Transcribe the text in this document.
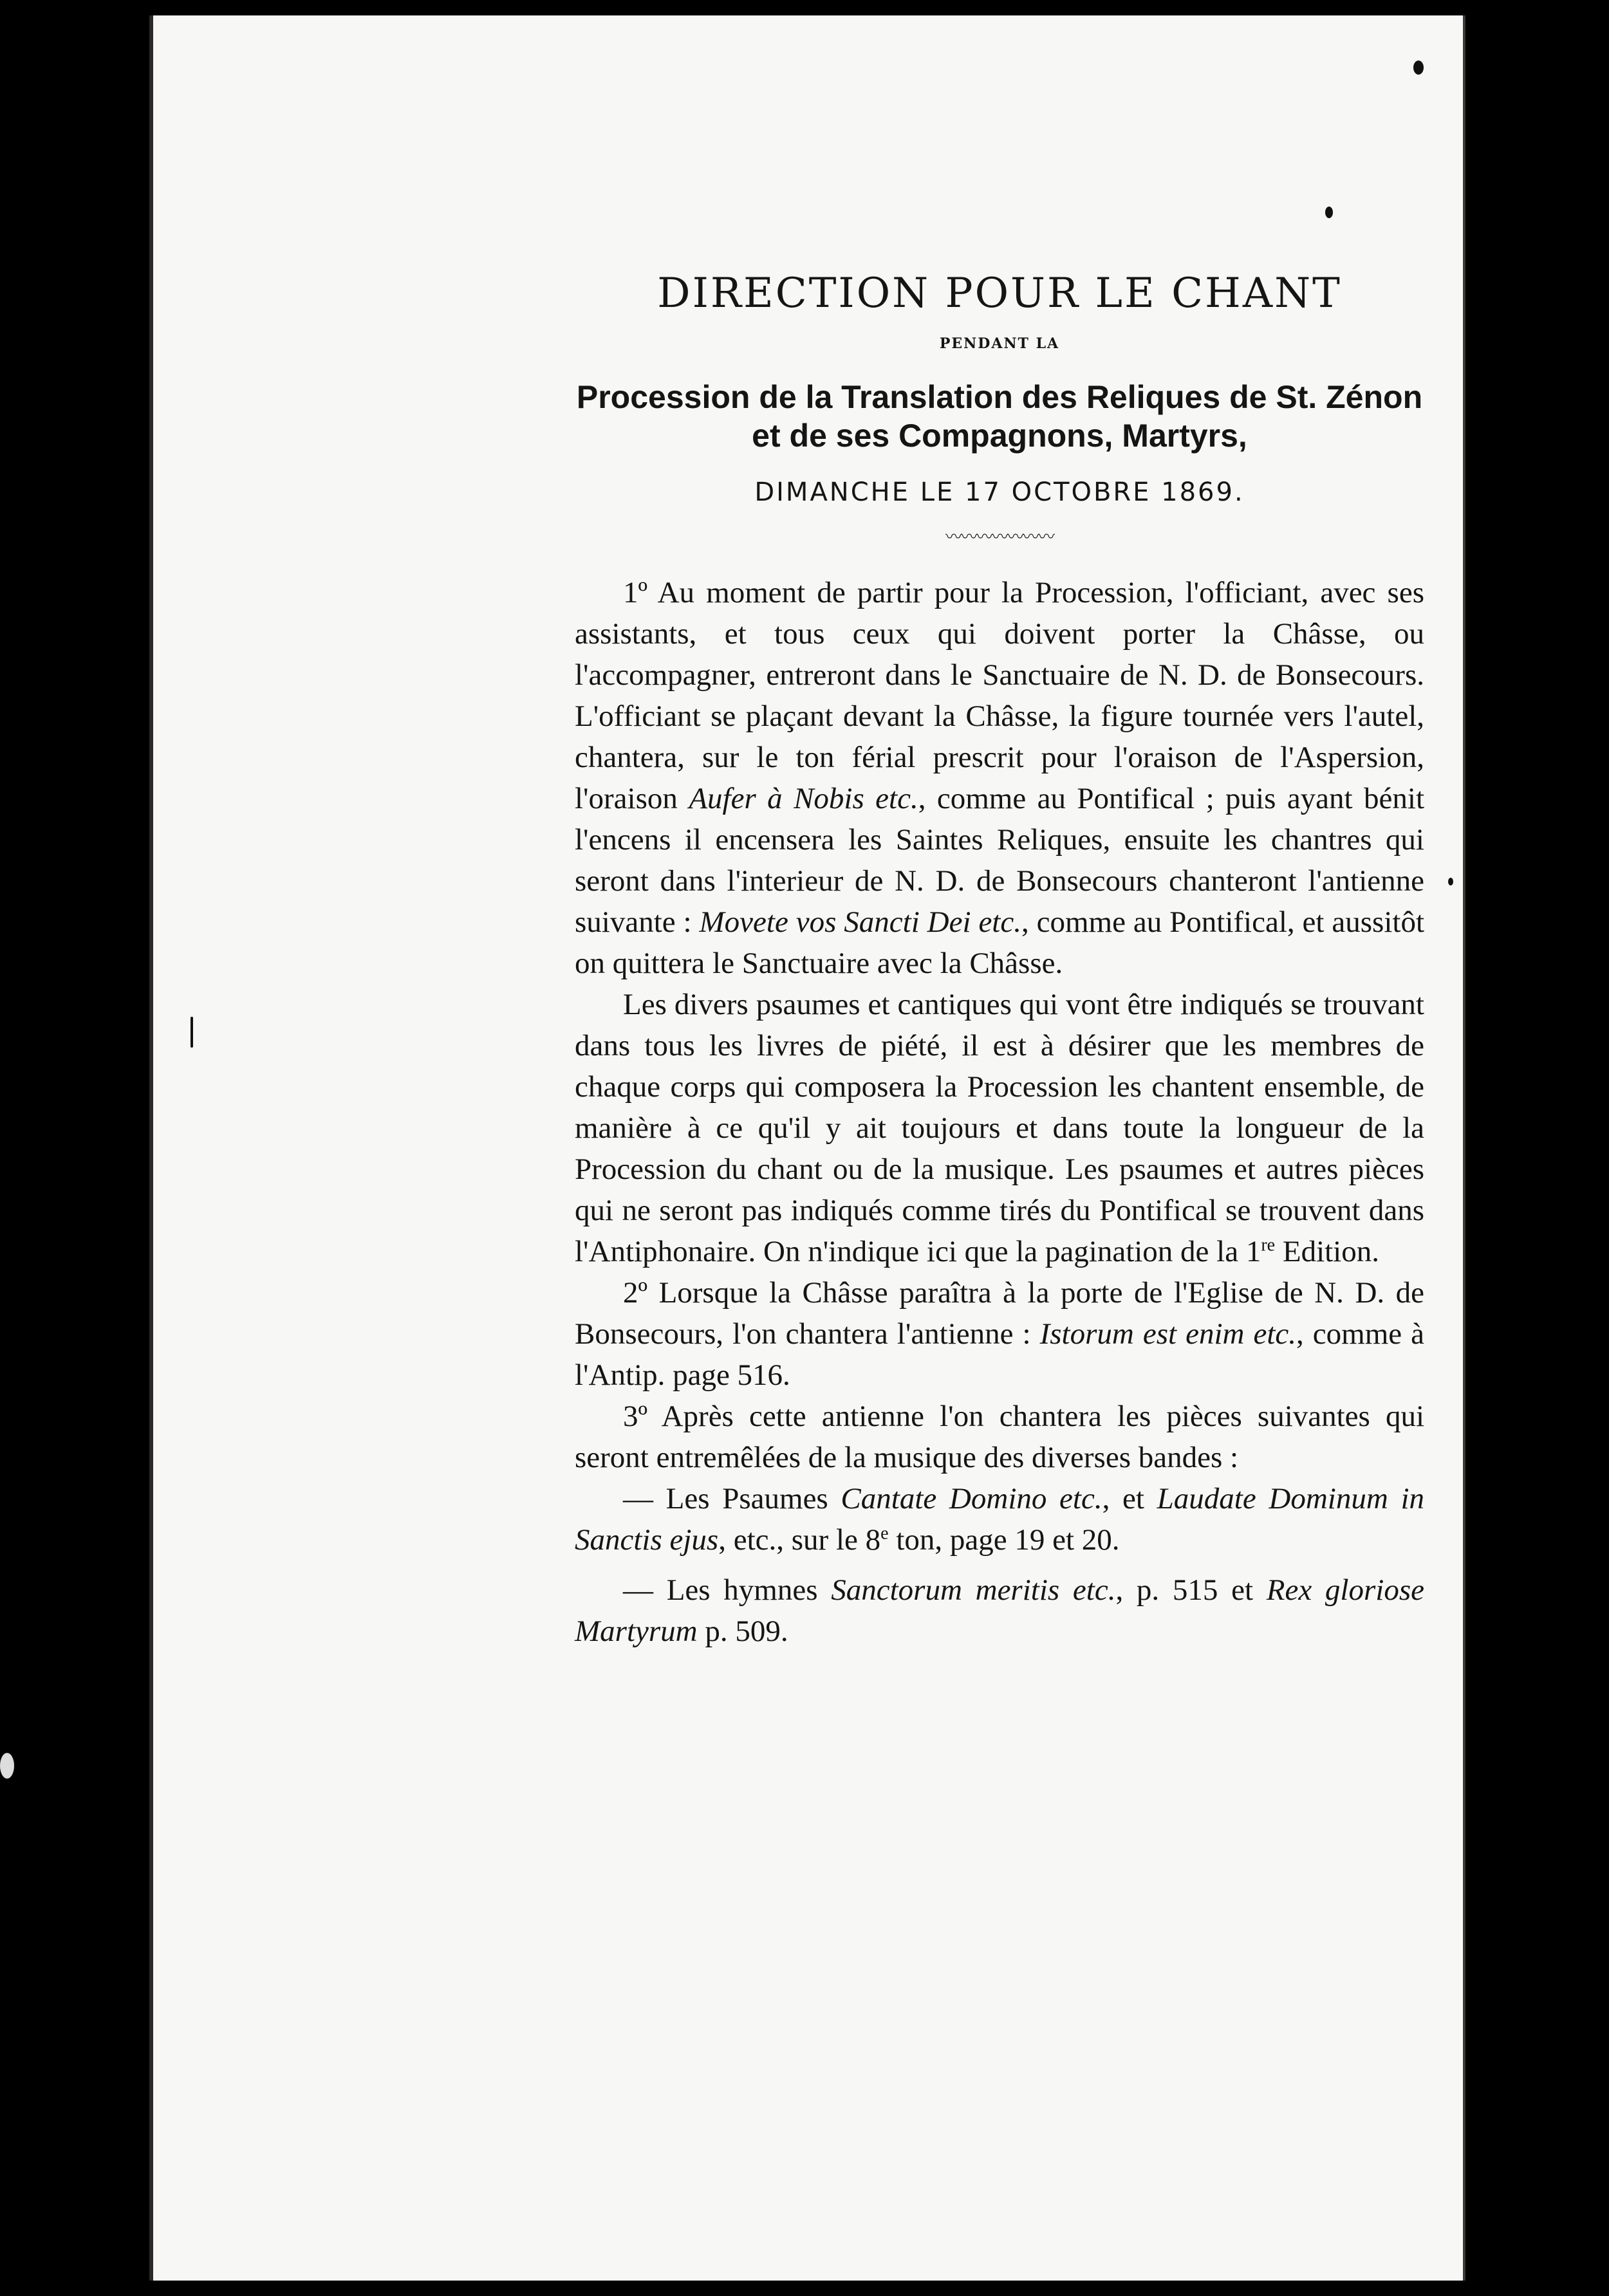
DIRECTION POUR LE CHANT
PENDANT LA
Procession de la Translation des Reliques de St. Zénon
et de ses Compagnons, Martyrs,
DIMANCHE LE 17 OCTOBRE 1869.
〰〰〰〰〰〰〰

1º Au moment de partir pour la Procession, l'officiant, avec ses assistants, et tous ceux qui doivent porter la Châsse, ou l'accompagner, entreront dans le Sanctuaire de N. D. de Bonsecours. L'officiant se plaçant devant la Châsse, la figure tournée vers l'autel, chantera, sur le ton férial prescrit pour l'oraison de l'Aspersion, l'oraison Aufer à Nobis etc., comme au Pontifical ; puis ayant bénit l'encens il encensera les Saintes Reliques, ensuite les chantres qui seront dans l'interieur de N. D. de Bonsecours chanteront l'antienne suivante : Movete vos Sancti Dei etc., comme au Pontifical, et aussitôt on quittera le Sanctuaire avec la Châsse.

Les divers psaumes et cantiques qui vont être indiqués se trouvant dans tous les livres de piété, il est à désirer que les membres de chaque corps qui composera la Procession les chantent ensemble, de manière à ce qu'il y ait toujours et dans toute la longueur de la Procession du chant ou de la musique. Les psaumes et autres pièces qui ne seront pas indiqués comme tirés du Pontifical se trouvent dans l'Antiphonaire. On n'indique ici que la pagination de la 1re Edition.

2º Lorsque la Châsse paraîtra à la porte de l'Eglise de N. D. de Bonsecours, l'on chantera l'antienne : Istorum est enim etc., comme à l'Antip. page 516.

3º Après cette antienne l'on chantera les pièces suivantes qui seront entremêlées de la musique des diverses bandes :

— Les Psaumes Cantate Domino etc., et Laudate Dominum in Sanctis ejus, etc., sur le 8e ton, page 19 et 20.

— Les hymnes Sanctorum meritis etc., p. 515 et Rex gloriose Martyrum p. 509.
